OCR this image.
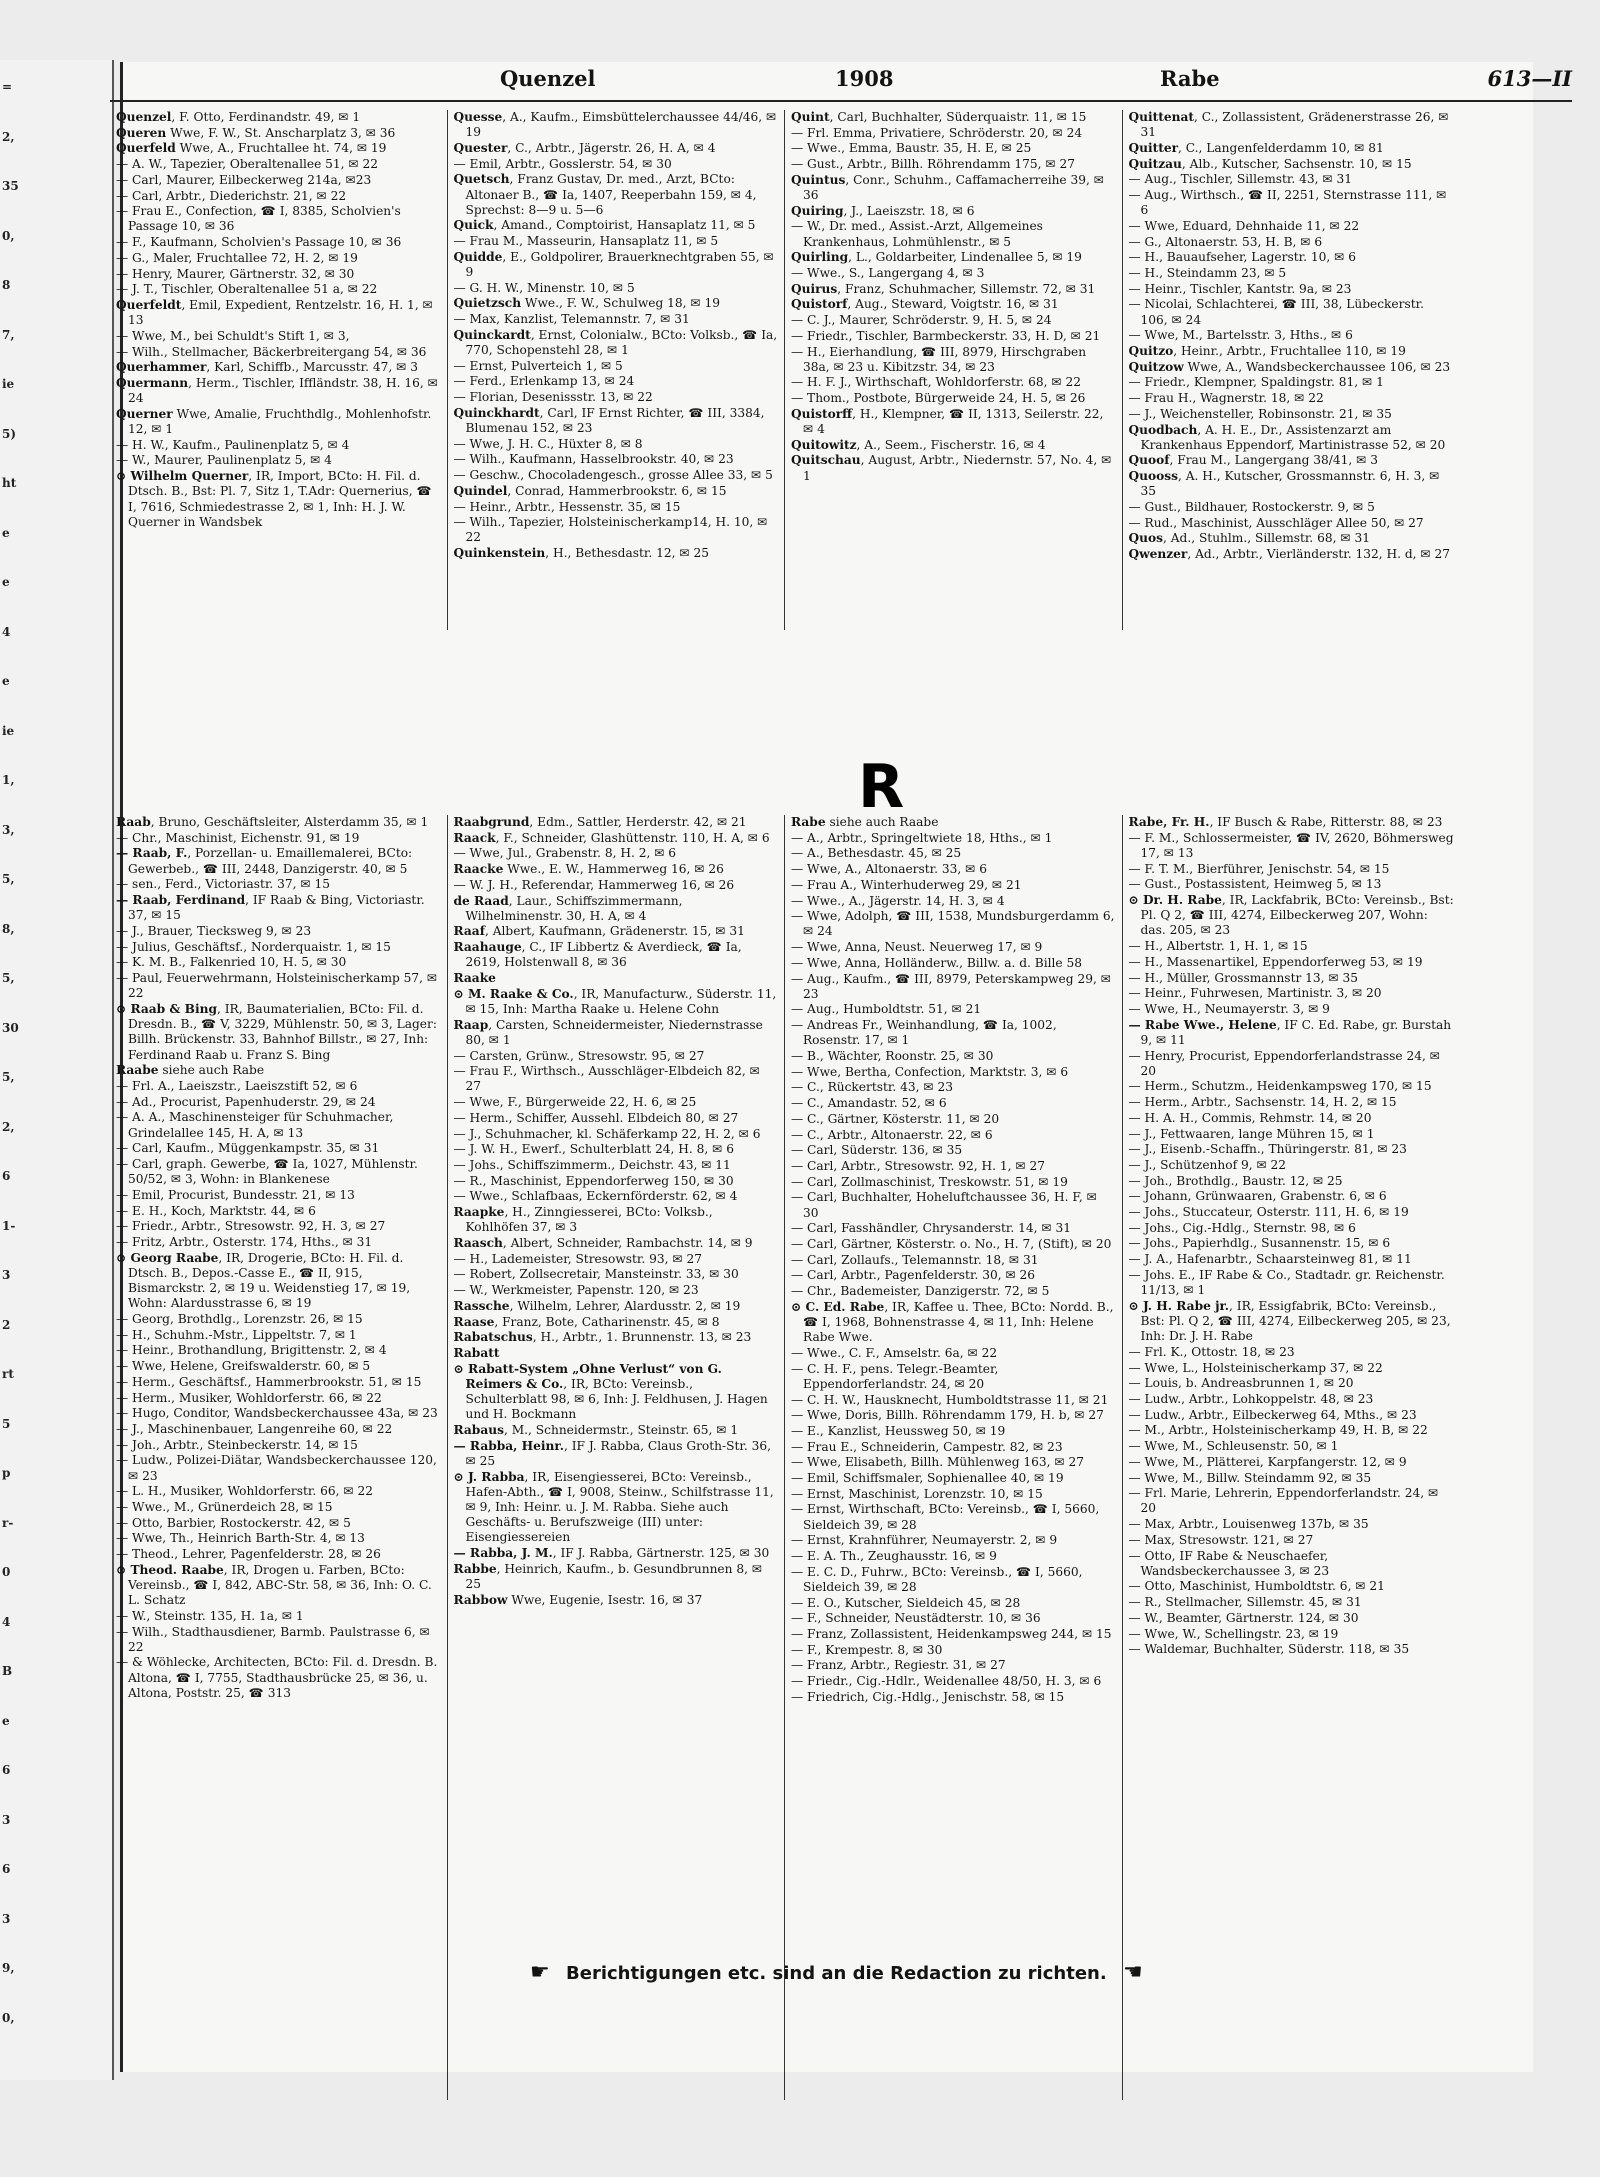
=
2,
35
0,
8
7,
ie
5)
ht
e
e
4
e
ie
1,
3,
5,
8,
5,
30
5,
2,
6
1-
3
2
rt
5
p
r-
0
4
B
e
6
3
6
3
9,
0,
Quenzel	1908	Rabe	613—II
Quenzel, F. Otto, Ferdinandstr. 49, ✉ 1
Queren Wwe, F. W., St. Anscharplatz 3, ✉ 36
Querfeld Wwe, A., Fruchtallee ht. 74, ✉ 19
— A. W., Tapezier, Oberaltenallee 51, ✉ 22
— Carl, Maurer, Eilbeckerweg 214a, ✉23
— Carl, Arbtr., Diederichstr. 21, ✉ 22
— Frau E., Confection, ☎ I, 8385, Scholvien's Passage 10, ✉ 36
— F., Kaufmann, Scholvien's Passage 10, ✉ 36
— G., Maler, Fruchtallee 72, H. 2, ✉ 19
— Henry, Maurer, Gärtnerstr. 32, ✉ 30
— J. T., Tischler, Oberaltenallee 51 a, ✉ 22
Querfeldt, Emil, Expedient, Rentzelstr. 16, H. 1, ✉ 13
— Wwe, M., bei Schuldt's Stift 1, ✉ 3,
— Wilh., Stellmacher, Bäckerbreitergang 54, ✉ 36
Querhammer, Karl, Schiffb., Marcusstr. 47, ✉ 3
Quermann, Herm., Tischler, Iffländstr. 38, H. 16, ✉ 24
Querner Wwe, Amalie, Fruchthdlg., Mohlenhofstr. 12, ✉ 1
— H. W., Kaufm., Paulinenplatz 5, ✉ 4
— W., Maurer, Paulinenplatz 5, ✉ 4
⊙ Wilhelm Querner, IR, Import, BCto: H. Fil. d. Dtsch. B., Bst: Pl. 7, Sitz 1, T.Adr: Quernerius, ☎ I, 7616, Schmiedestrasse 2, ✉ 1, Inh: H. J. W. Querner in Wandsbek
Quesse, A., Kaufm., Eimsbüttelerchaussee 44/46, ✉ 19
Quester, C., Arbtr., Jägerstr. 26, H. A, ✉ 4
— Emil, Arbtr., Gosslerstr. 54, ✉ 30
Quetsch, Franz Gustav, Dr. med., Arzt, BCto: Altonaer B., ☎ Ia, 1407, Reeperbahn 159, ✉ 4, Sprechst: 8—9 u. 5—6
Quick, Amand., Comptoirist, Hansaplatz 11, ✉ 5
— Frau M., Masseurin, Hansaplatz 11, ✉ 5
Quidde, E., Goldpolirer, Brauerknechtgraben 55, ✉ 9
— G. H. W., Minenstr. 10, ✉ 5
Quietzsch Wwe., F. W., Schulweg 18, ✉ 19
— Max, Kanzlist, Telemannstr. 7, ✉ 31
Quinckardt, Ernst, Colonialw., BCto: Volksb., ☎ Ia, 770, Schopenstehl 28, ✉ 1
— Ernst, Pulverteich 1, ✉ 5
— Ferd., Erlenkamp 13, ✉ 24
— Florian, Desenissstr. 13, ✉ 22
Quinckhardt, Carl, IF Ernst Richter, ☎ III, 3384, Blumenau 152, ✉ 23
— Wwe, J. H. C., Hüxter 8, ✉ 8
— Wilh., Kaufmann, Hasselbrookstr. 40, ✉ 23
— Geschw., Chocoladengesch., grosse Allee 33, ✉ 5
Quindel, Conrad, Hammerbrookstr. 6, ✉ 15
— Heinr., Arbtr., Hessenstr. 35, ✉ 15
— Wilh., Tapezier, Holsteinischerkamp14, H. 10, ✉ 22
Quinkenstein, H., Bethesdastr. 12, ✉ 25
Quint, Carl, Buchhalter, Süderquaistr. 11, ✉ 15
— Frl. Emma, Privatiere, Schröderstr. 20, ✉ 24
— Wwe., Emma, Baustr. 35, H. E, ✉ 25
— Gust., Arbtr., Billh. Röhrendamm 175, ✉ 27
Quintus, Conr., Schuhm., Caffamacherreihe 39, ✉ 36
Quiring, J., Laeiszstr. 18, ✉ 6
— W., Dr. med., Assist.-Arzt, Allgemeines Krankenhaus, Lohmühlenstr., ✉ 5
Quirling, L., Goldarbeiter, Lindenallee 5, ✉ 19
— Wwe., S., Langergang 4, ✉ 3
Quirus, Franz, Schuhmacher, Sillemstr. 72, ✉ 31
Quistorf, Aug., Steward, Voigtstr. 16, ✉ 31
— C. J., Maurer, Schröderstr. 9, H. 5, ✉ 24
— Friedr., Tischler, Barmbeckerstr. 33, H. D, ✉ 21
— H., Eierhandlung, ☎ III, 8979, Hirschgraben 38a, ✉ 23 u. Kibitzstr. 34, ✉ 23
— H. F. J., Wirthschaft, Wohldorferstr. 68, ✉ 22
— Thom., Postbote, Bürgerweide 24, H. 5, ✉ 26
Quistorff, H., Klempner, ☎ II, 1313, Seilerstr. 22, ✉ 4
Quitowitz, A., Seem., Fischerstr. 16, ✉ 4
Quitschau, August, Arbtr., Niedernstr. 57, No. 4, ✉ 1
Quittenat, C., Zollassistent, Grädenerstrasse 26, ✉ 31
Quitter, C., Langenfelderdamm 10, ✉ 81
Quitzau, Alb., Kutscher, Sachsenstr. 10, ✉ 15
— Aug., Tischler, Sillemstr. 43, ✉ 31
— Aug., Wirthsch., ☎ II, 2251, Sternstrasse 111, ✉ 6
— Wwe, Eduard, Dehnhaide 11, ✉ 22
— G., Altonaerstr. 53, H. B, ✉ 6
— H., Bauaufseher, Lagerstr. 10, ✉ 6
— H., Steindamm 23, ✉ 5
— Heinr., Tischler, Kantstr. 9a, ✉ 23
— Nicolai, Schlachterei, ☎ III, 38, Lübeckerstr. 106, ✉ 24
— Wwe, M., Bartelsstr. 3, Hths., ✉ 6
Quitzo, Heinr., Arbtr., Fruchtallee 110, ✉ 19
Quitzow Wwe, A., Wandsbeckerchaussee 106, ✉ 23
— Friedr., Klempner, Spaldingstr. 81, ✉ 1
— Frau H., Wagnerstr. 18, ✉ 22
— J., Weichensteller, Robinsonstr. 21, ✉ 35
Quodbach, A. H. E., Dr., Assistenzarzt am Krankenhaus Eppendorf, Martinistrasse 52, ✉ 20
Quoof, Frau M., Langergang 38/41, ✉ 3
Quooss, A. H., Kutscher, Grossmannstr. 6, H. 3, ✉ 35
— Gust., Bildhauer, Rostockerstr. 9, ✉ 5
— Rud., Maschinist, Ausschläger Allee 50, ✉ 27
Quos, Ad., Stuhlm., Sillemstr. 68, ✉ 31
Qwenzer, Ad., Arbtr., Vierländerstr. 132, H. d, ✉ 27
R
Raab, Bruno, Geschäftsleiter, Alsterdamm 35, ✉ 1
— Chr., Maschinist, Eichenstr. 91, ✉ 19
— Raab, F., Porzellan- u. Emaillemalerei, BCto: Gewerbeb., ☎ III, 2448, Danzigerstr. 40, ✉ 5
— sen., Ferd., Victoriastr. 37, ✉ 15
— Raab, Ferdinand, IF Raab & Bing, Victoriastr. 37, ✉ 15
— J., Brauer, Tiecksweg 9, ✉ 23
— Julius, Geschäftsf., Norderquaistr. 1, ✉ 15
— K. M. B., Falkenried 10, H. 5, ✉ 30
— Paul, Feuerwehrmann, Holsteinischerkamp 57, ✉ 22
⊙ Raab & Bing, IR, Baumaterialien, BCto: Fil. d. Dresdn. B., ☎ V, 3229, Mühlenstr. 50, ✉ 3, Lager: Billh. Brückenstr. 33, Bahnhof Billstr., ✉ 27, Inh: Ferdinand Raab u. Franz S. Bing
Raabe siehe auch Rabe
— Frl. A., Laeiszstr., Laeiszstift 52, ✉ 6
— Ad., Procurist, Papenhuderstr. 29, ✉ 24
— A. A., Maschinensteiger für Schuhmacher, Grindelallee 145, H. A, ✉ 13
— Carl, Kaufm., Müggenkampstr. 35, ✉ 31
— Carl, graph. Gewerbe, ☎ Ia, 1027, Mühlenstr. 50/52, ✉ 3, Wohn: in Blankenese
— Emil, Procurist, Bundesstr. 21, ✉ 13
— E. H., Koch, Marktstr. 44, ✉ 6
— Friedr., Arbtr., Stresowstr. 92, H. 3, ✉ 27
— Fritz, Arbtr., Osterstr. 174, Hths., ✉ 31
⊙ Georg Raabe, IR, Drogerie, BCto: H. Fil. d. Dtsch. B., Depos.-Casse E., ☎ II, 915, Bismarckstr. 2, ✉ 19 u. Weidenstieg 17, ✉ 19, Wohn: Alardusstrasse 6, ✉ 19
— Georg, Brothdlg., Lorenzstr. 26, ✉ 15
— H., Schuhm.-Mstr., Lippeltstr. 7, ✉ 1
— Heinr., Brothandlung, Brigittenstr. 2, ✉ 4
— Wwe, Helene, Greifswalderstr. 60, ✉ 5
— Herm., Geschäftsf., Hammerbrookstr. 51, ✉ 15
— Herm., Musiker, Wohldorferstr. 66, ✉ 22
— Hugo, Conditor, Wandsbeckerchaussee 43a, ✉ 23
— J., Maschinenbauer, Langenreihe 60, ✉ 22
— Joh., Arbtr., Steinbeckerstr. 14, ✉ 15
— Ludw., Polizei-Diätar, Wandsbeckerchaussee 120, ✉ 23
— L. H., Musiker, Wohldorferstr. 66, ✉ 22
— Wwe., M., Grünerdeich 28, ✉ 15
— Otto, Barbier, Rostockerstr. 42, ✉ 5
— Wwe, Th., Heinrich Barth-Str. 4, ✉ 13
— Theod., Lehrer, Pagenfelderstr. 28, ✉ 26
⊙ Theod. Raabe, IR, Drogen u. Farben, BCto: Vereinsb., ☎ I, 842, ABC-Str. 58, ✉ 36, Inh: O. C. L. Schatz
— W., Steinstr. 135, H. 1a, ✉ 1
— Wilh., Stadthausdiener, Barmb. Paulstrasse 6, ✉ 22
— & Wöhlecke, Architecten, BCto: Fil. d. Dresdn. B. Altona, ☎ I, 7755, Stadthausbrücke 25, ✉ 36, u. Altona, Poststr. 25, ☎ 313
Raabgrund, Edm., Sattler, Herderstr. 42, ✉ 21
Raack, F., Schneider, Glashüttenstr. 110, H. A, ✉ 6
— Wwe, Jul., Grabenstr. 8, H. 2, ✉ 6
Raacke Wwe., E. W., Hammerweg 16, ✉ 26
— W. J. H., Referendar, Hammerweg 16, ✉ 26
de Raad, Laur., Schiffszimmermann, Wilhelminenstr. 30, H. A, ✉ 4
Raaf, Albert, Kaufmann, Grädenerstr. 15, ✉ 31
Raahauge, C., IF Libbertz & Averdieck, ☎ Ia, 2619, Holstenwall 8, ✉ 36
Raake
⊙ M. Raake & Co., IR, Manufacturw., Süderstr. 11, ✉ 15, Inh: Martha Raake u. Helene Cohn
Raap, Carsten, Schneidermeister, Niedernstrasse 80, ✉ 1
— Carsten, Grünw., Stresowstr. 95, ✉ 27
— Frau F., Wirthsch., Ausschläger-Elbdeich 82, ✉ 27
— Wwe, F., Bürgerweide 22, H. 6, ✉ 25
— Herm., Schiffer, Aussehl. Elbdeich 80, ✉ 27
— J., Schuhmacher, kl. Schäferkamp 22, H. 2, ✉ 6
— J. W. H., Ewerf., Schulterblatt 24, H. 8, ✉ 6
— Johs., Schiffszimmerm., Deichstr. 43, ✉ 11
— R., Maschinist, Eppendorferweg 150, ✉ 30
— Wwe., Schlafbaas, Eckernförderstr. 62, ✉ 4
Raapke, H., Zinngiesserei, BCto: Volksb., Kohlhöfen 37, ✉ 3
Raasch, Albert, Schneider, Rambachstr. 14, ✉ 9
— H., Lademeister, Stresowstr. 93, ✉ 27
— Robert, Zollsecretair, Mansteinstr. 33, ✉ 30
— W., Werkmeister, Papenstr. 120, ✉ 23
Rassche, Wilhelm, Lehrer, Alardusstr. 2, ✉ 19
Raase, Franz, Bote, Catharinenstr. 45, ✉ 8
Rabatschus, H., Arbtr., 1. Brunnenstr. 13, ✉ 23
Rabatt
⊙ Rabatt-System „Ohne Verlust“ von G. Reimers & Co., IR, BCto: Vereinsb., Schulterblatt 98, ✉ 6, Inh: J. Feldhusen, J. Hagen und H. Bockmann
Rabaus, M., Schneidermstr., Steinstr. 65, ✉ 1
— Rabba, Heinr., IF J. Rabba, Claus Groth-Str. 36, ✉ 25
⊙ J. Rabba, IR, Eisengiesserei, BCto: Vereinsb., Hafen-Abth., ☎ I, 9008, Steinw., Schilfstrasse 11, ✉ 9, Inh: Heinr. u. J. M. Rabba. Siehe auch Geschäfts- u. Berufszweige (III) unter: Eisengiessereien
— Rabba, J. M., IF J. Rabba, Gärtnerstr. 125, ✉ 30
Rabbe, Heinrich, Kaufm., b. Gesundbrunnen 8, ✉ 25
Rabbow Wwe, Eugenie, Isestr. 16, ✉ 37
Rabe siehe auch Raabe
— A., Arbtr., Springeltwiete 18, Hths., ✉ 1
— A., Bethesdastr. 45, ✉ 25
— Wwe, A., Altonaerstr. 33, ✉ 6
— Frau A., Winterhuderweg 29, ✉ 21
— Wwe., A., Jägerstr. 14, H. 3, ✉ 4
— Wwe, Adolph, ☎ III, 1538, Mundsburgerdamm 6, ✉ 24
— Wwe, Anna, Neust. Neuerweg 17, ✉ 9
— Wwe, Anna, Holländerw., Billw. a. d. Bille 58
— Aug., Kaufm., ☎ III, 8979, Peterskampweg 29, ✉ 23
— Aug., Humboldtstr. 51, ✉ 21
— Andreas Fr., Weinhandlung, ☎ Ia, 1002, Rosenstr. 17, ✉ 1
— B., Wächter, Roonstr. 25, ✉ 30
— Wwe, Bertha, Confection, Marktstr. 3, ✉ 6
— C., Rückertstr. 43, ✉ 23
— C., Amandastr. 52, ✉ 6
— C., Gärtner, Kösterstr. 11, ✉ 20
— C., Arbtr., Altonaerstr. 22, ✉ 6
— Carl, Süderstr. 136, ✉ 35
— Carl, Arbtr., Stresowstr. 92, H. 1, ✉ 27
— Carl, Zollmaschinist, Treskowstr. 51, ✉ 19
— Carl, Buchhalter, Hoheluftchaussee 36, H. F, ✉ 30
— Carl, Fasshändler, Chrysanderstr. 14, ✉ 31
— Carl, Gärtner, Kösterstr. o. No., H. 7, (Stift), ✉ 20
— Carl, Zollaufs., Telemannstr. 18, ✉ 31
— Carl, Arbtr., Pagenfelderstr. 30, ✉ 26
— Chr., Bademeister, Danzigerstr. 72, ✉ 5
⊙ C. Ed. Rabe, IR, Kaffee u. Thee, BCto: Nordd. B., ☎ I, 1968, Bohnenstrasse 4, ✉ 11, Inh: Helene Rabe Wwe.
— Wwe., C. F., Amselstr. 6a, ✉ 22
— C. H. F., pens. Telegr.-Beamter, Eppendorferlandstr. 24, ✉ 20
— C. H. W., Hausknecht, Humboldtstrasse 11, ✉ 21
— Wwe, Doris, Billh. Röhrendamm 179, H. b, ✉ 27
— E., Kanzlist, Heussweg 50, ✉ 19
— Frau E., Schneiderin, Campestr. 82, ✉ 23
— Wwe, Elisabeth, Billh. Mühlenweg 163, ✉ 27
— Emil, Schiffsmaler, Sophienallee 40, ✉ 19
— Ernst, Maschinist, Lorenzstr. 10, ✉ 15
— Ernst, Wirthschaft, BCto: Vereinsb., ☎ I, 5660, Sieldeich 39, ✉ 28
— Ernst, Krahnführer, Neumayerstr. 2, ✉ 9
— E. A. Th., Zeughausstr. 16, ✉ 9
— E. C. D., Fuhrw., BCto: Vereinsb., ☎ I, 5660, Sieldeich 39, ✉ 28
— E. O., Kutscher, Sieldeich 45, ✉ 28
— F., Schneider, Neustädterstr. 10, ✉ 36
— Franz, Zollassistent, Heidenkampsweg 244, ✉ 15
— F., Krempestr. 8, ✉ 30
— Franz, Arbtr., Regiestr. 31, ✉ 27
— Friedr., Cig.-Hdlr., Weidenallee 48/50, H. 3, ✉ 6
— Friedrich, Cig.-Hdlg., Jenischstr. 58, ✉ 15
Rabe, Fr. H., IF Busch & Rabe, Ritterstr. 88, ✉ 23
— F. M., Schlossermeister, ☎ IV, 2620, Böhmersweg 17, ✉ 13
— F. T. M., Bierführer, Jenischstr. 54, ✉ 15
— Gust., Postassistent, Heimweg 5, ✉ 13
⊙ Dr. H. Rabe, IR, Lackfabrik, BCto: Vereinsb., Bst: Pl. Q 2, ☎ III, 4274, Eilbeckerweg 207, Wohn: das. 205, ✉ 23
— H., Albertstr. 1, H. 1, ✉ 15
— H., Massenartikel, Eppendorferweg 53, ✉ 19
— H., Müller, Grossmannstr 13, ✉ 35
— Heinr., Fuhrwesen, Martinistr. 3, ✉ 20
— Wwe, H., Neumayerstr. 3, ✉ 9
— Rabe Wwe., Helene, IF C. Ed. Rabe, gr. Burstah 9, ✉ 11
— Henry, Procurist, Eppendorferlandstrasse 24, ✉ 20
— Herm., Schutzm., Heidenkampsweg 170, ✉ 15
— Herm., Arbtr., Sachsenstr. 14, H. 2, ✉ 15
— H. A. H., Commis, Rehmstr. 14, ✉ 20
— J., Fettwaaren, lange Mühren 15, ✉ 1
— J., Eisenb.-Schaffn., Thüringerstr. 81, ✉ 23
— J., Schützenhof 9, ✉ 22
— Joh., Brothdlg., Baustr. 12, ✉ 25
— Johann, Grünwaaren, Grabenstr. 6, ✉ 6
— Johs., Stuccateur, Osterstr. 111, H. 6, ✉ 19
— Johs., Cig.-Hdlg., Sternstr. 98, ✉ 6
— Johs., Papierhdlg., Susannenstr. 15, ✉ 6
— J. A., Hafenarbtr., Schaarsteinweg 81, ✉ 11
— Johs. E., IF Rabe & Co., Stadtadr. gr. Reichenstr. 11/13, ✉ 1
⊙ J. H. Rabe jr., IR, Essigfabrik, BCto: Vereinsb., Bst: Pl. Q 2, ☎ III, 4274, Eilbeckerweg 205, ✉ 23, Inh: Dr. J. H. Rabe
— Frl. K., Ottostr. 18, ✉ 23
— Wwe, L., Holsteinischerkamp 37, ✉ 22
— Louis, b. Andreasbrunnen 1, ✉ 20
— Ludw., Arbtr., Lohkoppelstr. 48, ✉ 23
— Ludw., Arbtr., Eilbeckerweg 64, Mths., ✉ 23
— M., Arbtr., Holsteinischerkamp 49, H. B, ✉ 22
— Wwe, M., Schleusenstr. 50, ✉ 1
— Wwe, M., Plätterei, Karpfangerstr. 12, ✉ 9
— Wwe, M., Billw. Steindamm 92, ✉ 35
— Frl. Marie, Lehrerin, Eppendorferlandstr. 24, ✉ 20
— Max, Arbtr., Louisenweg 137b, ✉ 35
— Max, Stresowstr. 121, ✉ 27
— Otto, IF Rabe & Neuschaefer, Wandsbeckerchaussee 3, ✉ 23
— Otto, Maschinist, Humboldtstr. 6, ✉ 21
— R., Stellmacher, Sillemstr. 45, ✉ 31
— W., Beamter, Gärtnerstr. 124, ✉ 30
— Wwe, W., Schellingstr. 23, ✉ 19
— Waldemar, Buchhalter, Süderstr. 118, ✉ 35
☛ Berichtigungen etc. sind an die Redaction zu richten. ☚
